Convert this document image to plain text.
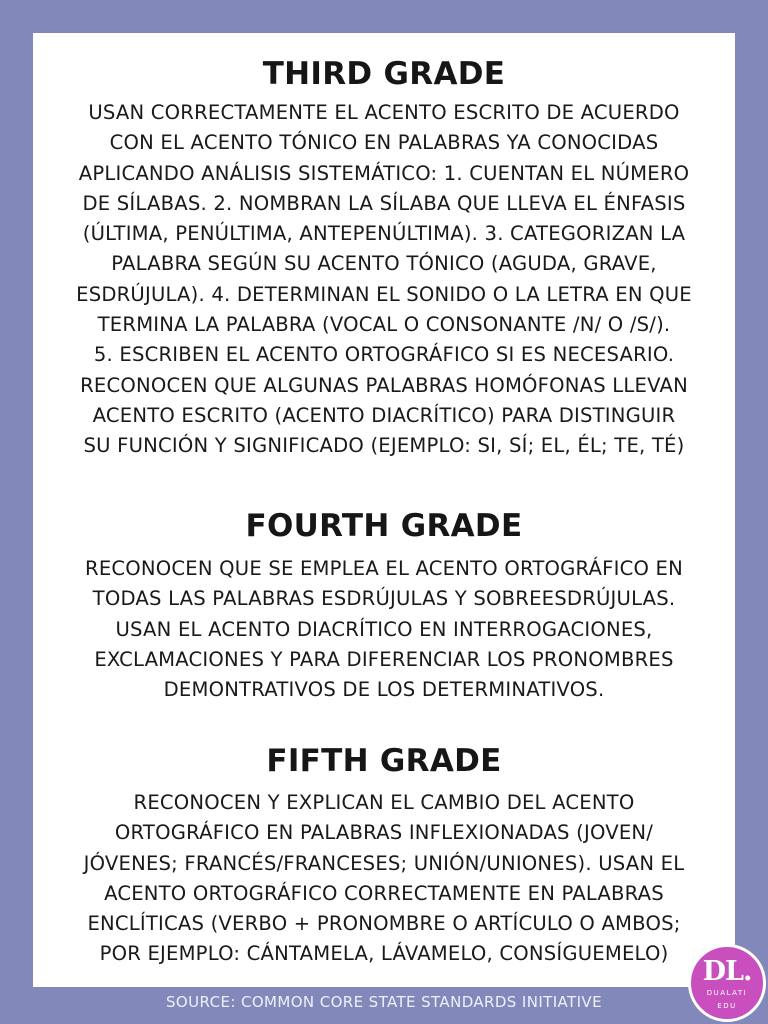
THIRD GRADE

USAN CORRECTAMENTE EL ACENTO ESCRITO DE ACUERDO
CON EL ACENTO TÓNICO EN PALABRAS YA CONOCIDAS
APLICANDO ANÁLISIS SISTEMÁTICO: 1. CUENTAN EL NÚMERO
DE SÍLABAS. 2. NOMBRAN LA SÍLABA QUE LLEVA EL ÉNFASIS
(ÚLTIMA, PENÚLTIMA, ANTEPENÚLTIMA). 3. CATEGORIZAN LA
PALABRA SEGÚN SU ACENTO TÓNICO (AGUDA, GRAVE,
ESDRÚJULA). 4. DETERMINAN EL SONIDO O LA LETRA EN QUE
TERMINA LA PALABRA (VOCAL O CONSONANTE /N/ O /S/).
5. ESCRIBEN EL ACENTO ORTOGRÁFICO SI ES NECESARIO.
RECONOCEN QUE ALGUNAS PALABRAS HOMÓFONAS LLEVAN
ACENTO ESCRITO (ACENTO DIACRÍTICO) PARA DISTINGUIR
SU FUNCIÓN Y SIGNIFICADO (EJEMPLO: SI, SÍ; EL, ÉL; TE, TÉ)

FOURTH GRADE

RECONOCEN QUE SE EMPLEA EL ACENTO ORTOGRÁFICO EN
TODAS LAS PALABRAS ESDRÚJULAS Y SOBREESDRÚJULAS.
USAN EL ACENTO DIACRÍTICO EN INTERROGACIONES,
EXCLAMACIONES Y PARA DIFERENCIAR LOS PRONOMBRES
DEMONTRATIVOS DE LOS DETERMINATIVOS.

FIFTH GRADE

RECONOCEN Y EXPLICAN EL CAMBIO DEL ACENTO
ORTOGRÁFICO EN PALABRAS INFLEXIONADAS (JOVEN/
JÓVENES; FRANCÉS/FRANCESES; UNIÓN/UNIONES). USAN EL
ACENTO ORTOGRÁFICO CORRECTAMENTE EN PALABRAS
ENCLÍTICAS (VERBO + PRONOMBRE O ARTÍCULO O AMBOS;
POR EJEMPLO: CÁNTAMELA, LÁVAMELO, CONSÍGUEMELO)

SOURCE: COMMON CORE STATE STANDARDS INITIATIVE
DL.
DUALATI
EDU
